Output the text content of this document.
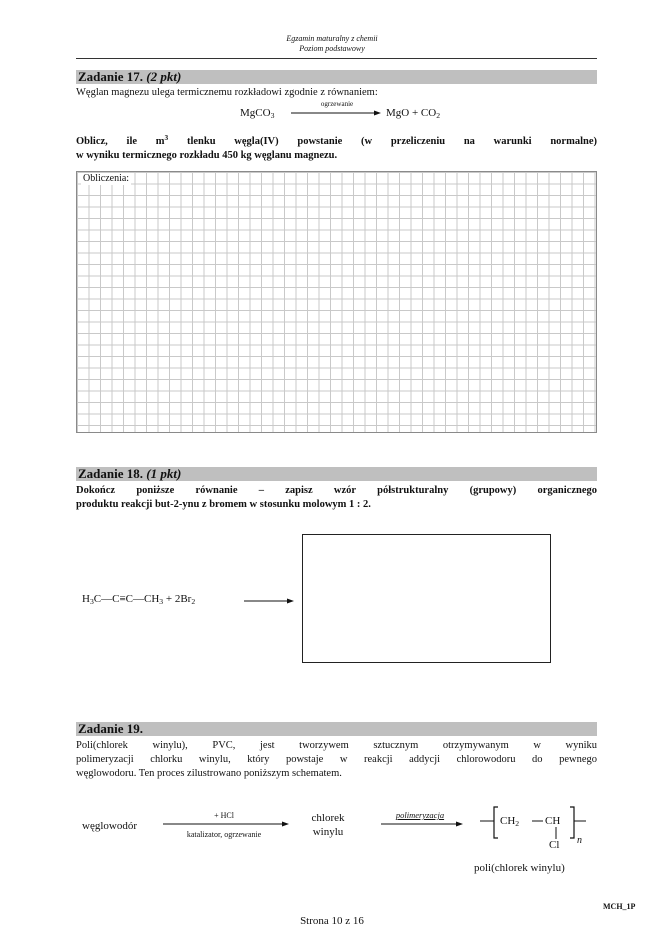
Egzamin maturalny z chemii
Poziom podstawowy
Zadanie 17. (2 pkt)
Węglan magnezu ulega termicznemu rozkładowi zgodnie z równaniem:
MgCO$_3$
ogrzewanie
MgO + $CO_2$
Oblicz, ile $m^3$ tlenku węgla(IV) powstanie (w przeliczeniu na warunki normalne)
w wyniku termicznego rozkładu 450 kg węglanu magnezu.
Obliczenia:
Zadanie 18. (1 pkt)
Dokończ poniższe równanie – zapisz wzór półstrukturalny (grupowy) organicznego
produktu reakcji but-2-ynu z bromem w stosunku molowym 1 : 2.
$H_3C—C\equiv C—CH_3 + 2Br_2$
Zadanie 19.
Poli(chlorek winylu), PVC, jest tworzywem sztucznym otrzymywanym w wyniku
polimeryzacji chlorku winylu, który powstaje w reakcji addycji chlorowodoru do pewnego
węglowodoru. Ten proces zilustrowano poniższym schematem.
węglowodór
+ HCl
katalizator, ogrzewanie
chlorek
winylu
polimeryzacja	$CH_2$ CH
Cl n
poli(chlorek winylu)
Strona 10 z 16
MCH_1P
